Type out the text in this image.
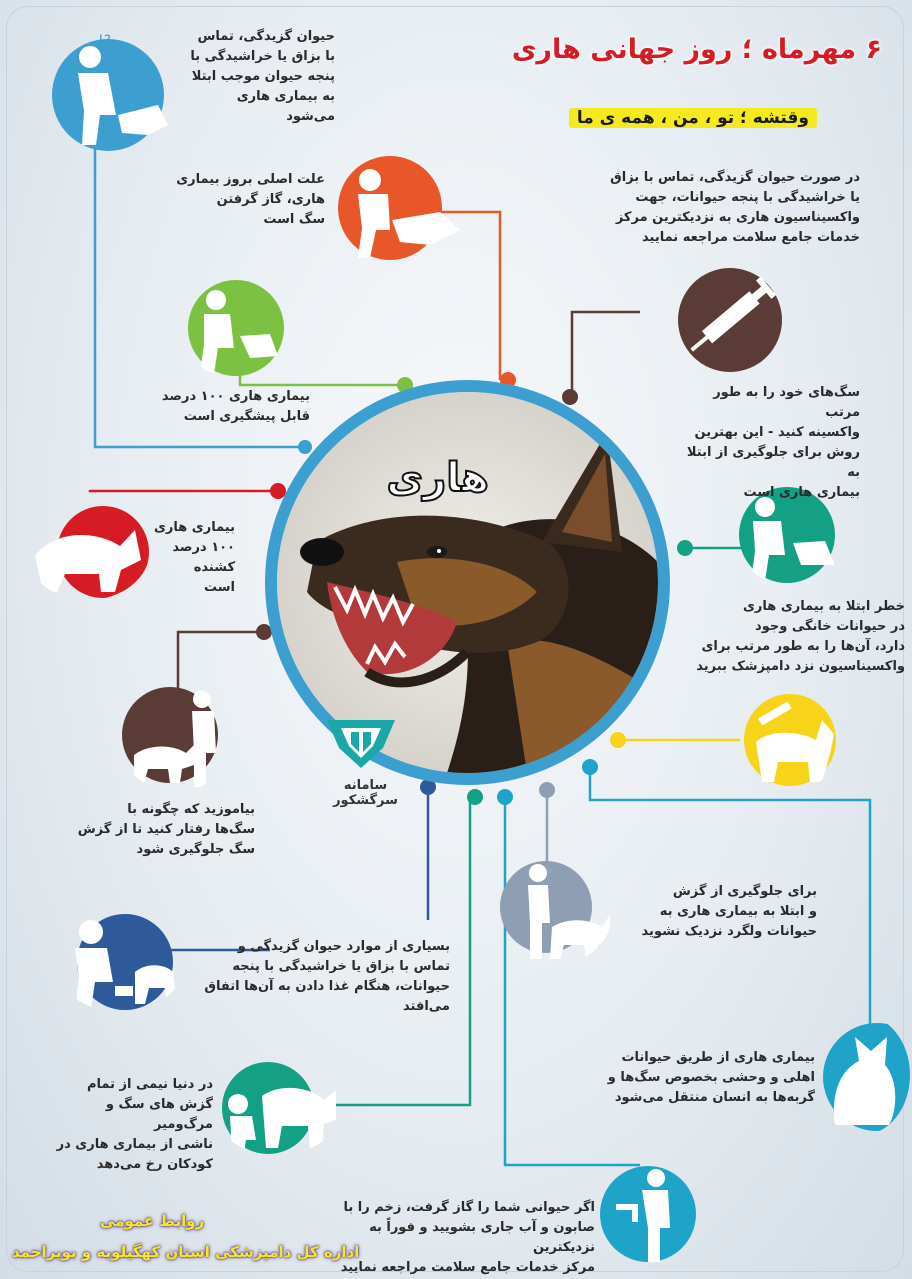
۶ مهرماه ؛ روز جهانی هاری
وقتشه ؛ تو ، من ، همه ی ما
هاری
سامانه سرگشکور
!?	حیوان گزیدگی، تماس
با بزاق یا خراشیدگی با
پنجه حیوان موجب ابتلا
به بیماری هاری می‌شود
علت اصلی بروز بیماری
هاری، گاز گرفتن
سگ است
بیماری هاری ۱۰۰ درصد
قابل پیشگیری است
بیماری هاری
۱۰۰ درصد
کشنده
است
بیاموزید که چگونه با
سگ‌ها رفتار کنید تا از گزش
سگ جلوگیری شود
بسیاری از موارد حیوان گزیدگی و
تماس با بزاق یا خراشیدگی با پنجه
حیوانات، هنگام غذا دادن به آن‌ها اتفاق
می‌افتد
در دنیا نیمی از تمام
گزش های سگ و مرگ‌ومیر
ناشی از بیماری هاری در
کودکان رخ می‌دهد
در صورت حیوان گزیدگی، تماس با بزاق
یا خراشیدگی با پنجه حیوانات، جهت
واکسیناسیون هاری به نزدیکترین مرکز
خدمات جامع سلامت مراجعه نمایید
سگ‌های خود را به طور مرتب
واکسینه کنید - این بهترین
روش برای جلوگیری از ابتلا به
بیماری هاری است
خطر ابتلا به بیماری هاری
در حیوانات خانگی وجود
دارد، آن‌ها را به طور مرتب برای
واکسیناسیون نزد دامپزشک ببرید
برای جلوگیری از گزش
و ابتلا به بیماری هاری به
حیوانات ولگرد نزدیک نشوید
بیماری هاری از طریق حیوانات
اهلی و وحشی بخصوص سگ‌ها و
گربه‌ها به انسان منتقل می‌شود
اگر حیوانی شما را گاز گرفت، زخم را با
صابون و آب جاری بشویید و فوراً به نزدیکترین
مرکز خدمات جامع سلامت مراجعه نمایید
روابط عمومی
اداره کل دامپزشکی استان کهگیلویه و بویراحمد
